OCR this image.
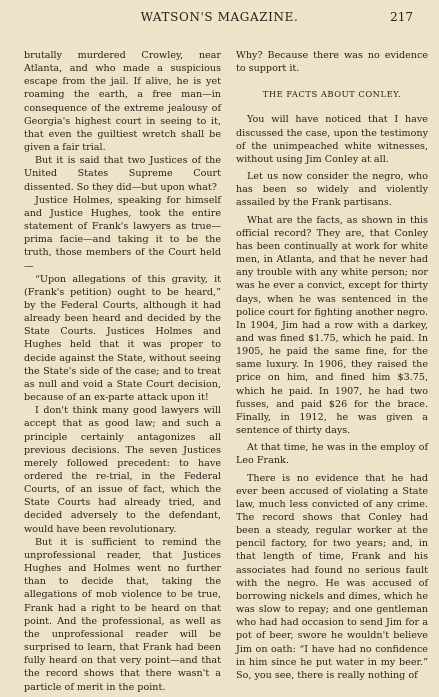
WATSON'S MAGAZINE.	217

brutally murdered Crowley, near Atlanta, and who made a suspicious escape from the jail. If alive, he is yet roaming the earth, a free man—in consequence of the extreme jealousy of Georgia's highest court in seeing to it, that even the guiltiest wretch shall be given a fair trial.

But it is said that two Justices of the United States Supreme Court dissented. So they did—but upon what?

Justice Holmes, speaking for himself and Justice Hughes, took the entire statement of Frank's lawyers as true—prima facie—and taking it to be the truth, those members of the Court held—

“Upon allegations of this gravity, it (Frank's petition) ought to be heard,” by the Federal Courts, although it had already been heard and decided by the State Courts. Justices Holmes and Hughes held that it was proper to decide against the State, without seeing the State's side of the case; and to treat as null and void a State Court decision, because of an ex-parte attack upon it!

I don't think many good lawyers will accept that as good law; and such a principle certainly antagonizes all previous decisions. The seven Justices merely followed precedent: to have ordered the re-trial, in the Federal Courts, of an issue of fact, which the State Courts had already tried, and decided adversely to the defendant, would have been revolutionary.

But it is sufficient to remind the unprofessional reader, that Justices Hughes and Holmes went no further than to decide that, taking the allegations of mob violence to be true, Frank had a right to be heard on that point. And the professional, as well as the unprofessional reader will be surprised to learn, that Frank had been fully heard on that very point—and that the record shows that there wasn't a particle of merit in the point.

Why? Because there was no evidence to support it.

THE FACTS ABOUT CONLEY.

You will have noticed that I have discussed the case, upon the testimony of the unimpeached white witnesses, without using Jim Conley at all.

Let us now consider the negro, who has been so widely and violently assailed by the Frank partisans.

What are the facts, as shown in this official record? They are, that Conley has been continually at work for white men, in Atlanta, and that he never had any trouble with any white person; nor was he ever a convict, except for thirty days, when he was sentenced in the police court for fighting another negro. In 1904, Jim had a row with a darkey, and was fined $1.75, which he paid. In 1905, he paid the same fine, for the same luxury. In 1906, they raised the price on him, and fined him $3.75, which he paid. In 1907, he had two fusses, and paid $26 for the brace. Finally, in 1912, he was given a sentence of thirty days.

At that time, he was in the employ of Leo Frank.

There is no evidence that he had ever been accused of violating a State law, much less convicted of any crime. The record shows that Conley had been a steady, regular worker at the pencil factory, for two years; and, in that length of time, Frank and his associates had found no serious fault with the negro. He was accused of borrowing nickels and dimes, which he was slow to repay; and one gentleman who had had occasion to send Jim for a pot of beer, swore he wouldn't believe Jim on oath: “I have had no confidence in him since he put water in my beer.” So, you see, there is really nothing of
